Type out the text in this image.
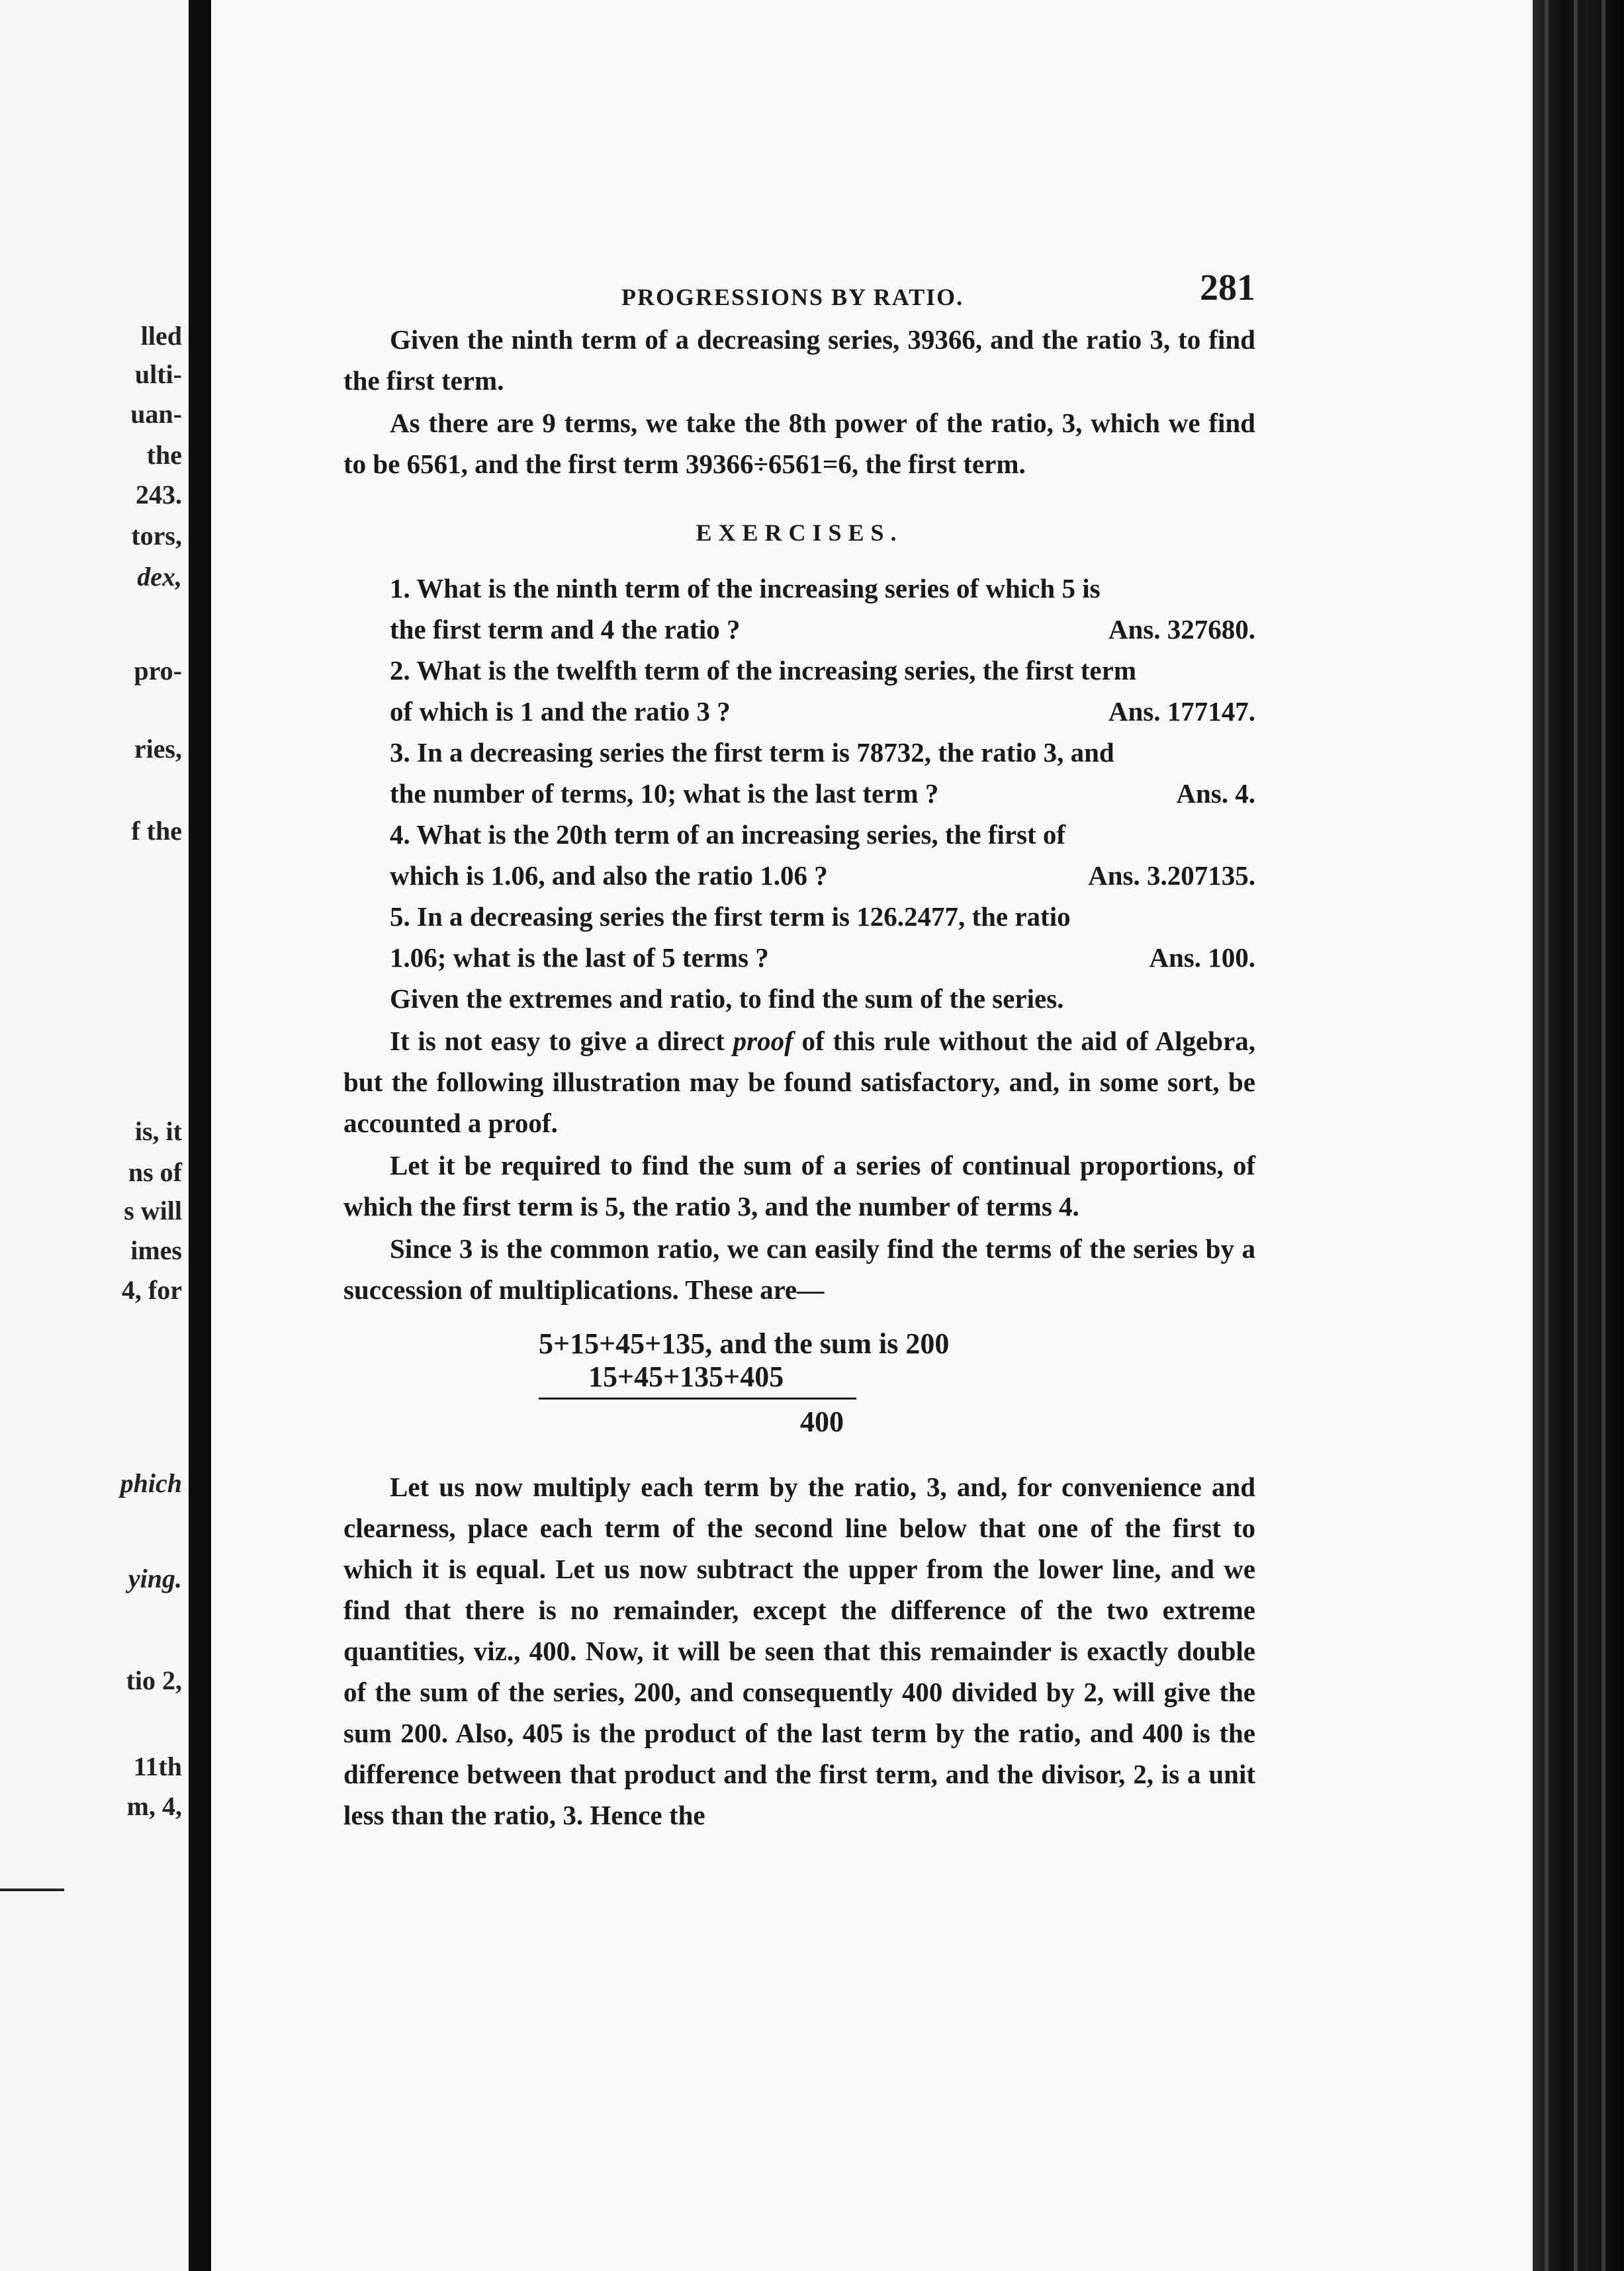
lled
ulti-
uan-
the
243.
tors,
dex,
pro-
ries,
f the
is, it
ns of
s will
imes
4, for
phich
ying.
tio 2,
11th
m, 4,
PROGRESSIONS BY RATIO.	281

Given the ninth term of a decreasing series, 39366, and the ratio 3, to find the first term.

As there are 9 terms, we take the 8th power of the ratio, 3, which we find to be 6561, and the first term 39366÷6561=6, the first term.

EXERCISES.
1. What is the ninth term of the increasing series of which 5 is
the first term and 4 the ratio ?	Ans. 327680.
2. What is the twelfth term of the increasing series, the first term
of which is 1 and the ratio 3 ?	Ans. 177147.
3. In a decreasing series the first term is 78732, the ratio 3, and
the number of terms, 10; what is the last term ?	Ans. 4.
4. What is the 20th term of an increasing series, the first of
which is 1.06, and also the ratio 1.06 ?	Ans. 3.207135.
5. In a decreasing series the first term is 126.2477, the ratio
1.06; what is the last of 5 terms ?	Ans. 100.

Given the extremes and ratio, to find the sum of the series.

It is not easy to give a direct proof of this rule without the aid of Algebra, but the following illustration may be found satisfactory, and, in some sort, be accounted a proof.

Let it be required to find the sum of a series of continual proportions, of which the first term is 5, the ratio 3, and the number of terms 4.

Since 3 is the common ratio, we can easily find the terms of the series by a succession of multiplications. These are—

5+15+45+135, and the sum is 200
15+45+135+405
400

Let us now multiply each term by the ratio, 3, and, for convenience and clearness, place each term of the second line below that one of the first to which it is equal. Let us now subtract the upper from the lower line, and we find that there is no remainder, except the difference of the two extreme quantities, viz., 400. Now, it will be seen that this remainder is exactly double of the sum of the series, 200, and consequently 400 divided by 2, will give the sum 200. Also, 405 is the product of the last term by the ratio, and 400 is the difference between that product and the first term, and the divisor, 2, is a unit less than the ratio, 3. Hence the
